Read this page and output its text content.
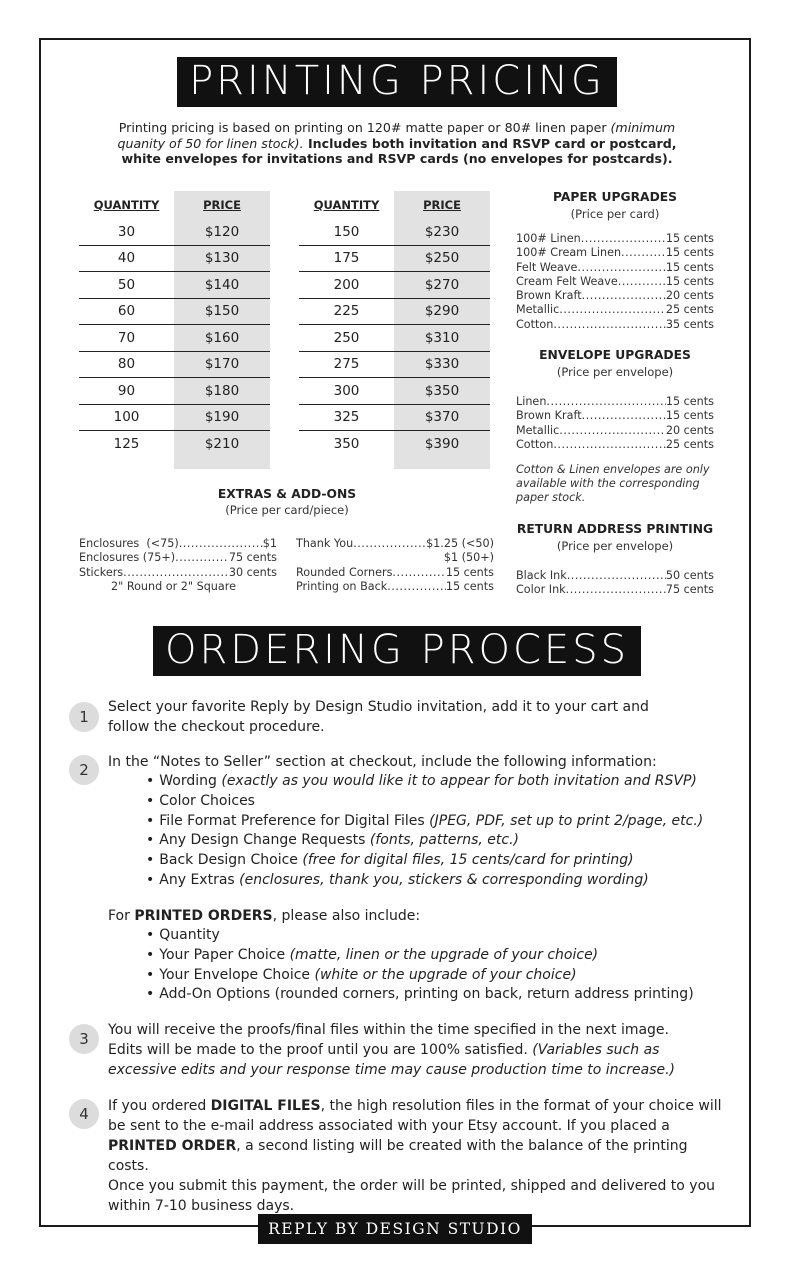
PRINTING PRICING
Printing pricing is based on printing on 120# matte paper or 80# linen paper (minimum
quanity of 50 for linen stock). Includes both invitation and RSVP card or postcard,
white envelopes for invitations and RSVP cards (no envelopes for postcards).
QUANTITY	PRICE
30	$120
40	$130
50	$140
60	$150
70	$160
80	$170
90	$180
100	$190
125	$210
QUANTITY	PRICE
150	$230
175	$250
200	$270
225	$290
250	$310
275	$330
300	$350
325	$370
350	$390
PAPER UPGRADES
(Price per card)
100# Linen .....	15 cents
100# Cream Linen .....	15 cents
Felt Weave .....	15 cents
Cream Felt Weave .....	15 cents
Brown Kraft .....	20 cents
Metallic .....	25 cents
Cotton .....	35 cents
ENVELOPE UPGRADES
(Price per envelope)
Linen .....	15 cents
Brown Kraft .....	15 cents
Metallic .....	20 cents
Cotton .....	25 cents
Cotton & Linen envelopes are only
available with the corresponding
paper stock.
RETURN ADDRESS PRINTING
(Price per envelope)
Black Ink .....	50 cents
Color Ink .....	75 cents
EXTRAS & ADD-ONS
(Price per card/piece)
Enclosures  (<75) .....	$1
Enclosures (75+) .....	75 cents
Stickers .....	30 cents
2" Round or 2" Square
Thank You .....	$1.25 (<50)
$1 (50+)
Rounded Corners .....	15 cents
Printing on Back .....	15 cents
ORDERING PROCESS
1
Select your favorite Reply by Design Studio invitation, add it to your cart and
follow the checkout procedure.
2	In the “Notes to Seller” section at checkout, include the following information:
• Wording (exactly as you would like it to appear for both invitation and RSVP)
• Color Choices
• File Format Preference for Digital Files (JPEG, PDF, set up to print 2/page, etc.)
• Any Design Change Requests (fonts, patterns, etc.)
• Back Design Choice (free for digital files, 15 cents/card for printing)
• Any Extras (enclosures, thank you, stickers & corresponding wording)
For PRINTED ORDERS, please also include:
• Quantity
• Your Paper Choice (matte, linen or the upgrade of your choice)
• Your Envelope Choice (white or the upgrade of your choice)
• Add-On Options (rounded corners, printing on back, return address printing)
3	You will receive the proofs/final files within the time specified in the next image.
Edits will be made to the proof until you are 100% satisfied. (Variables such as
excessive edits and your response time may cause production time to increase.)
4	If you ordered DIGITAL FILES, the high resolution files in the format of your choice will
be sent to the e-mail address associated with your Etsy account. If you placed a
PRINTED ORDER, a second listing will be created with the balance of the printing costs.
Once you submit this payment, the order will be printed, shipped and delivered to you
within 7-10 business days.
REPLY BY DESIGN STUDIO
